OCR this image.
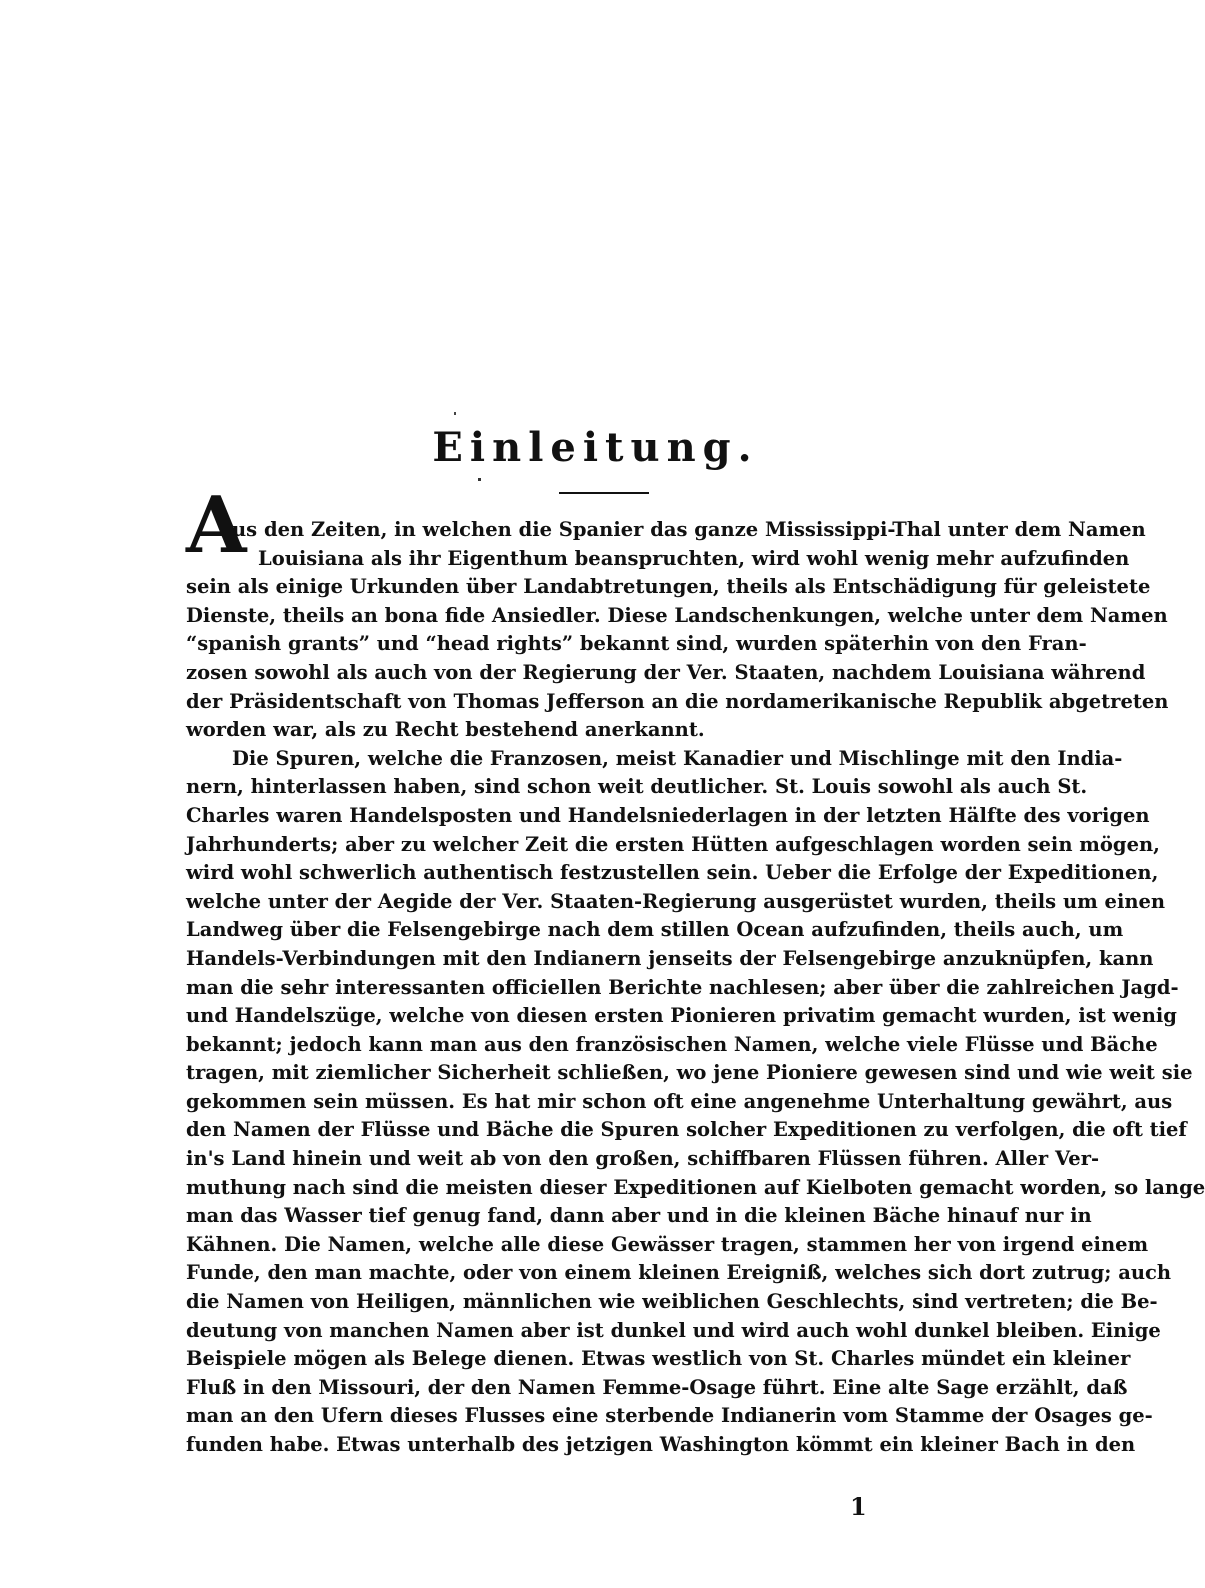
Einleitung.
A
us den Zeiten, in welchen die Spanier das ganze Mississippi-Thal unter dem Namen
Louisiana als ihr Eigenthum beanspruchten, wird wohl wenig mehr aufzufinden
sein als einige Urkunden über Landabtretungen, theils als Entschädigung für geleistete
Dienste, theils an bona fide Ansiedler. Diese Landschenkungen, welche unter dem Namen
“spanish grants” und “head rights” bekannt sind, wurden späterhin von den Fran-
zosen sowohl als auch von der Regierung der Ver. Staaten, nachdem Louisiana während
der Präsidentschaft von Thomas Jefferson an die nordamerikanische Republik abgetreten
worden war, als zu Recht bestehend anerkannt.
Die Spuren, welche die Franzosen, meist Kanadier und Mischlinge mit den India-
nern, hinterlassen haben, sind schon weit deutlicher. St. Louis sowohl als auch St.
Charles waren Handelsposten und Handelsniederlagen in der letzten Hälfte des vorigen
Jahrhunderts; aber zu welcher Zeit die ersten Hütten aufgeschlagen worden sein mögen,
wird wohl schwerlich authentisch festzustellen sein. Ueber die Erfolge der Expeditionen,
welche unter der Aegide der Ver. Staaten-Regierung ausgerüstet wurden, theils um einen
Landweg über die Felsengebirge nach dem stillen Ocean aufzufinden, theils auch, um
Handels-Verbindungen mit den Indianern jenseits der Felsengebirge anzuknüpfen, kann
man die sehr interessanten officiellen Berichte nachlesen; aber über die zahlreichen Jagd-
und Handelszüge, welche von diesen ersten Pionieren privatim gemacht wurden, ist wenig
bekannt; jedoch kann man aus den französischen Namen, welche viele Flüsse und Bäche
tragen, mit ziemlicher Sicherheit schließen, wo jene Pioniere gewesen sind und wie weit sie
gekommen sein müssen. Es hat mir schon oft eine angenehme Unterhaltung gewährt, aus
den Namen der Flüsse und Bäche die Spuren solcher Expeditionen zu verfolgen, die oft tief
in's Land hinein und weit ab von den großen, schiffbaren Flüssen führen. Aller Ver-
muthung nach sind die meisten dieser Expeditionen auf Kielboten gemacht worden, so lange
man das Wasser tief genug fand, dann aber und in die kleinen Bäche hinauf nur in
Kähnen. Die Namen, welche alle diese Gewässer tragen, stammen her von irgend einem
Funde, den man machte, oder von einem kleinen Ereigniß, welches sich dort zutrug; auch
die Namen von Heiligen, männlichen wie weiblichen Geschlechts, sind vertreten; die Be-
deutung von manchen Namen aber ist dunkel und wird auch wohl dunkel bleiben. Einige
Beispiele mögen als Belege dienen. Etwas westlich von St. Charles mündet ein kleiner
Fluß in den Missouri, der den Namen Femme-Osage führt. Eine alte Sage erzählt, daß
man an den Ufern dieses Flusses eine sterbende Indianerin vom Stamme der Osages ge-
funden habe. Etwas unterhalb des jetzigen Washington kömmt ein kleiner Bach in den
1
